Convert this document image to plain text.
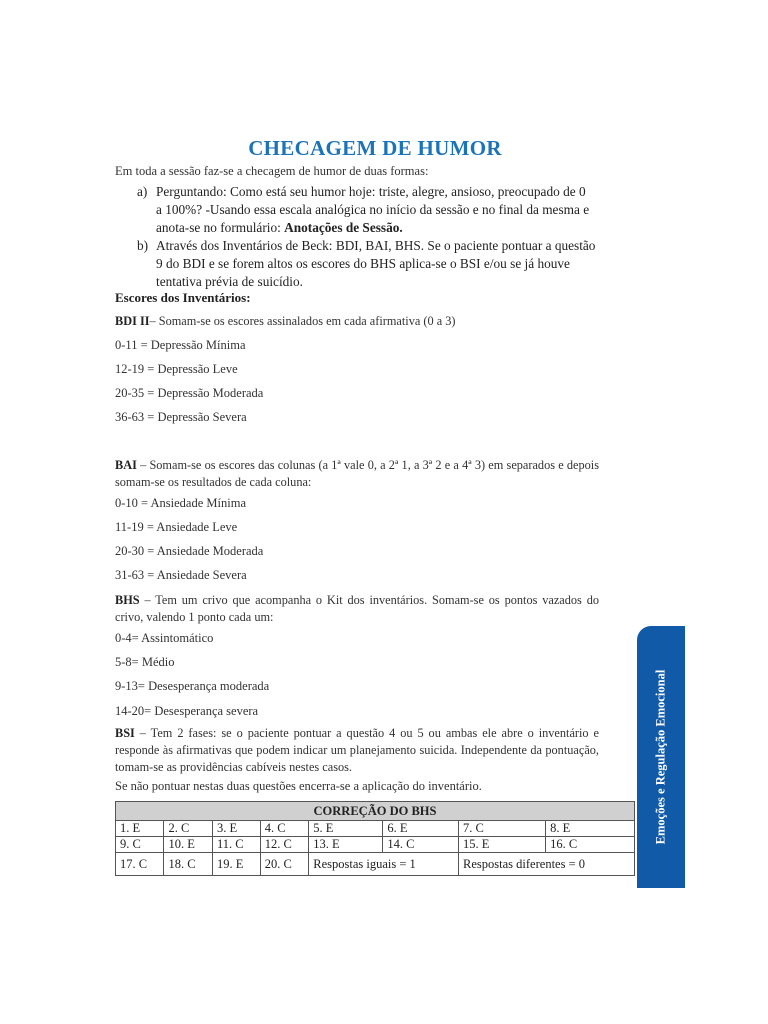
CHECAGEM DE HUMOR
Em toda a sessão faz-se a checagem de humor de duas formas:
a) Perguntando: Como está seu humor hoje: triste, alegre, ansioso, preocupado de 0
a 100%? -Usando essa escala analógica no início da sessão e no final da mesma e
anota-se no formulário: Anotações de Sessão.
b) Através dos Inventários de Beck: BDI, BAI, BHS. Se o paciente pontuar a questão
9 do BDI e se forem altos os escores do BHS aplica-se o BSI e/ou se já houve
tentativa prévia de suicídio.
Escores dos Inventários:
BDI II– Somam-se os escores assinalados em cada afirmativa (0 a 3)
0-11 = Depressão Mínima
12-19 = Depressão Leve
20-35 = Depressão Moderada
36-63 = Depressão Severa
BAI – Somam-se os escores das colunas (a 1ª vale 0, a 2ª 1, a 3ª 2 e a 4ª 3) em separados e depois somam-se os resultados de cada coluna:
0-10 = Ansiedade Mínima
11-19 = Ansiedade Leve
20-30 = Ansiedade Moderada
31-63 = Ansiedade Severa
BHS – Tem um crivo que acompanha o Kit dos inventários. Somam-se os pontos vazados do crivo, valendo 1 ponto cada um:
0-4= Assintomático
5-8= Médio
9-13= Desesperança moderada
14-20= Desesperança severa
BSI – Tem 2 fases: se o paciente pontuar a questão 4 ou 5 ou ambas ele abre o inventário e responde às afirmativas que podem indicar um planejamento suicida. Independente da pontuação, tomam-se as providências cabíveis nestes casos.
Se não pontuar nestas duas questões encerra-se a aplicação do inventário.
CORREÇÃO DO BHS							
1. E	2. C	3. E	4. C	5. E	6. E	7. C	8. E
9. C	10. E	11. C	12. C	13. E	14. C	15. E	16. C
17. C	18. C	19. E	20. C	Respostas iguais = 1		Respostas diferentes = 0	
Emoções e Regulação Emocional
